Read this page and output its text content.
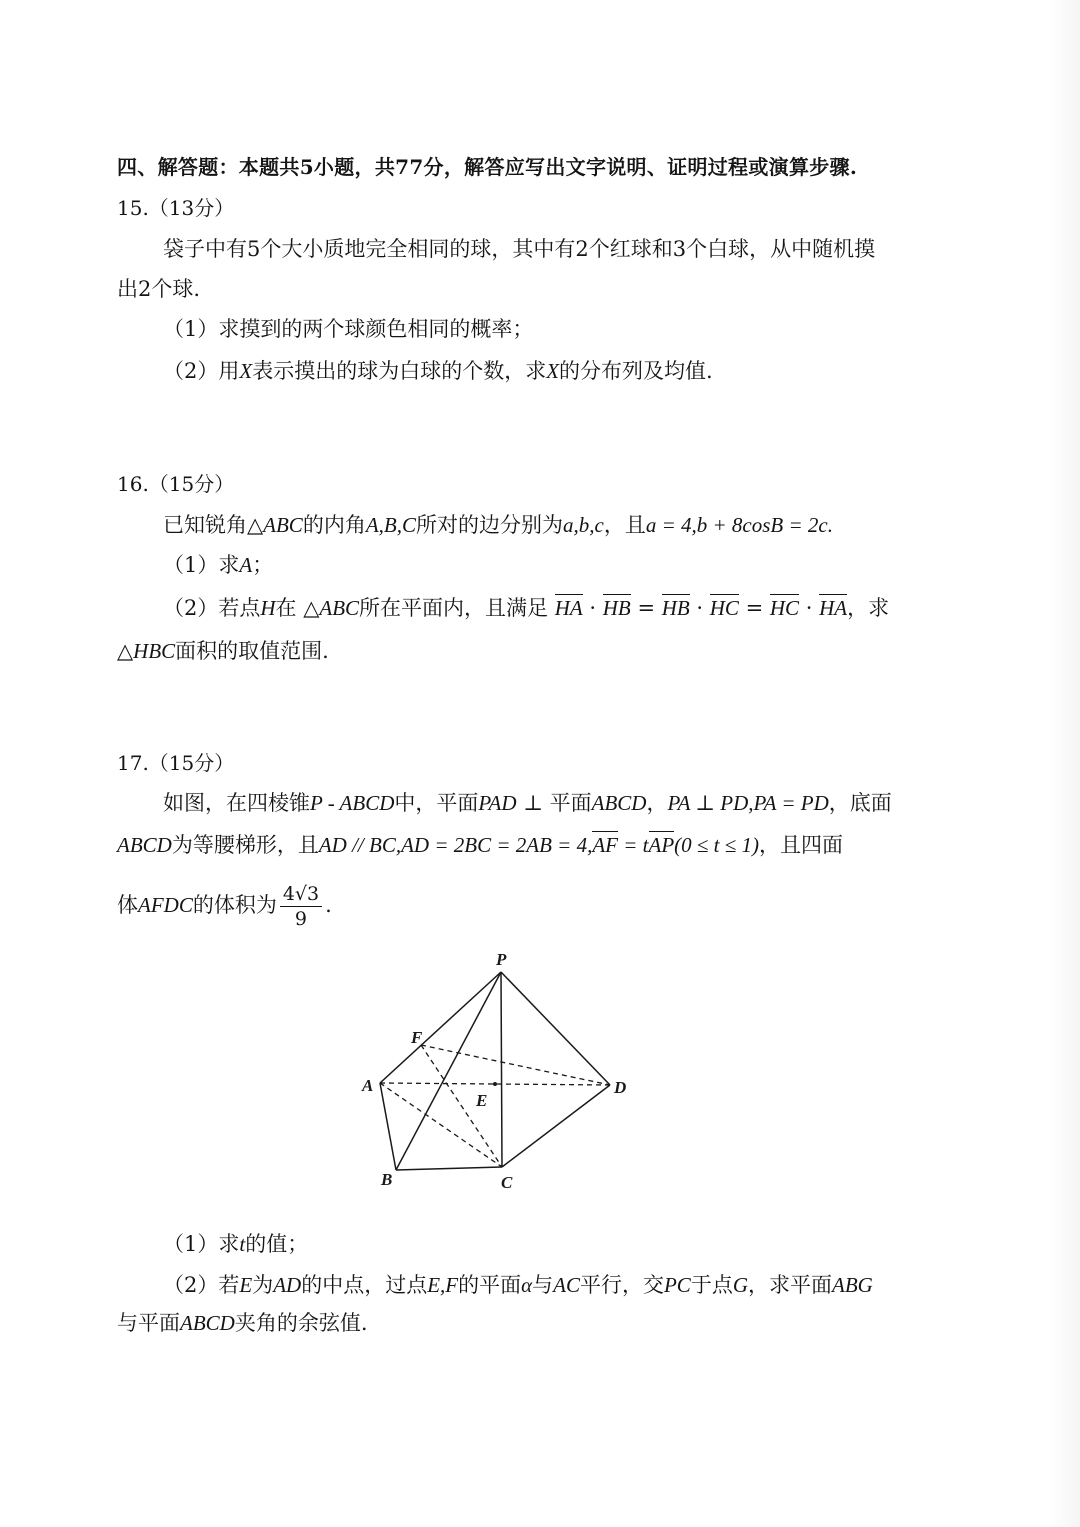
四、解答题：本题共5小题，共77分，解答应写出文字说明、证明过程或演算步骤.
15.（13分）
袋子中有5个大小质地完全相同的球，其中有2个红球和3个白球，从中随机摸
出2个球.
（1）求摸到的两个球颜色相同的概率；
（2）用X表示摸出的球为白球的个数，求X的分布列及均值.
16.（15分）
已知锐角△ABC的内角A,B,C所对的边分别为a,b,c，且a = 4,b + 8cosB = 2c.
（1）求A；
（2）若点H在 △ABC所在平面内，且满足 HA · HB = HB · HC = HC · HA，求
△HBC面积的取值范围.
17.（15分）
如图，在四棱锥P - ABCD中，平面PAD ⊥ 平面ABCD，PA ⊥ PD,PA = PD，底面
ABCD为等腰梯形，且AD // BC,AD = 2BC = 2AB = 4,AF = tAP(0 ≤ t ≤ 1)，且四面
体AFDC的体积为 $\frac{4√3}{9}$ .
P
F
A
E
D
B	C
（1）求t的值；
（2）若E为AD的中点，过点E,F的平面α与AC平行，交PC于点G，求平面ABG
与平面ABCD夹角的余弦值.
